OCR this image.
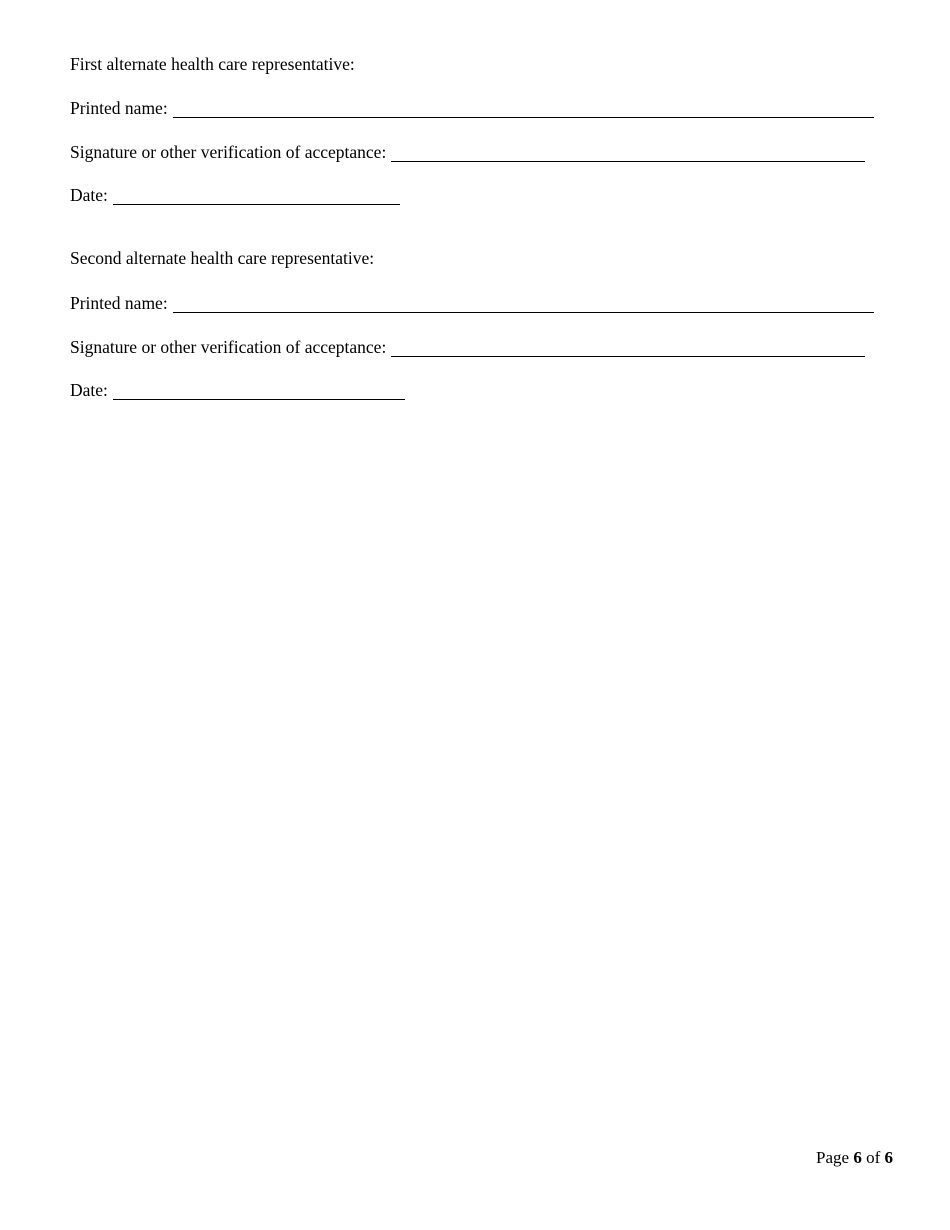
First alternate health care representative:
Printed name:
Signature or other verification of acceptance:
Date:
Second alternate health care representative:
Printed name:
Signature or other verification of acceptance:
Date:
Page 6 of 6
